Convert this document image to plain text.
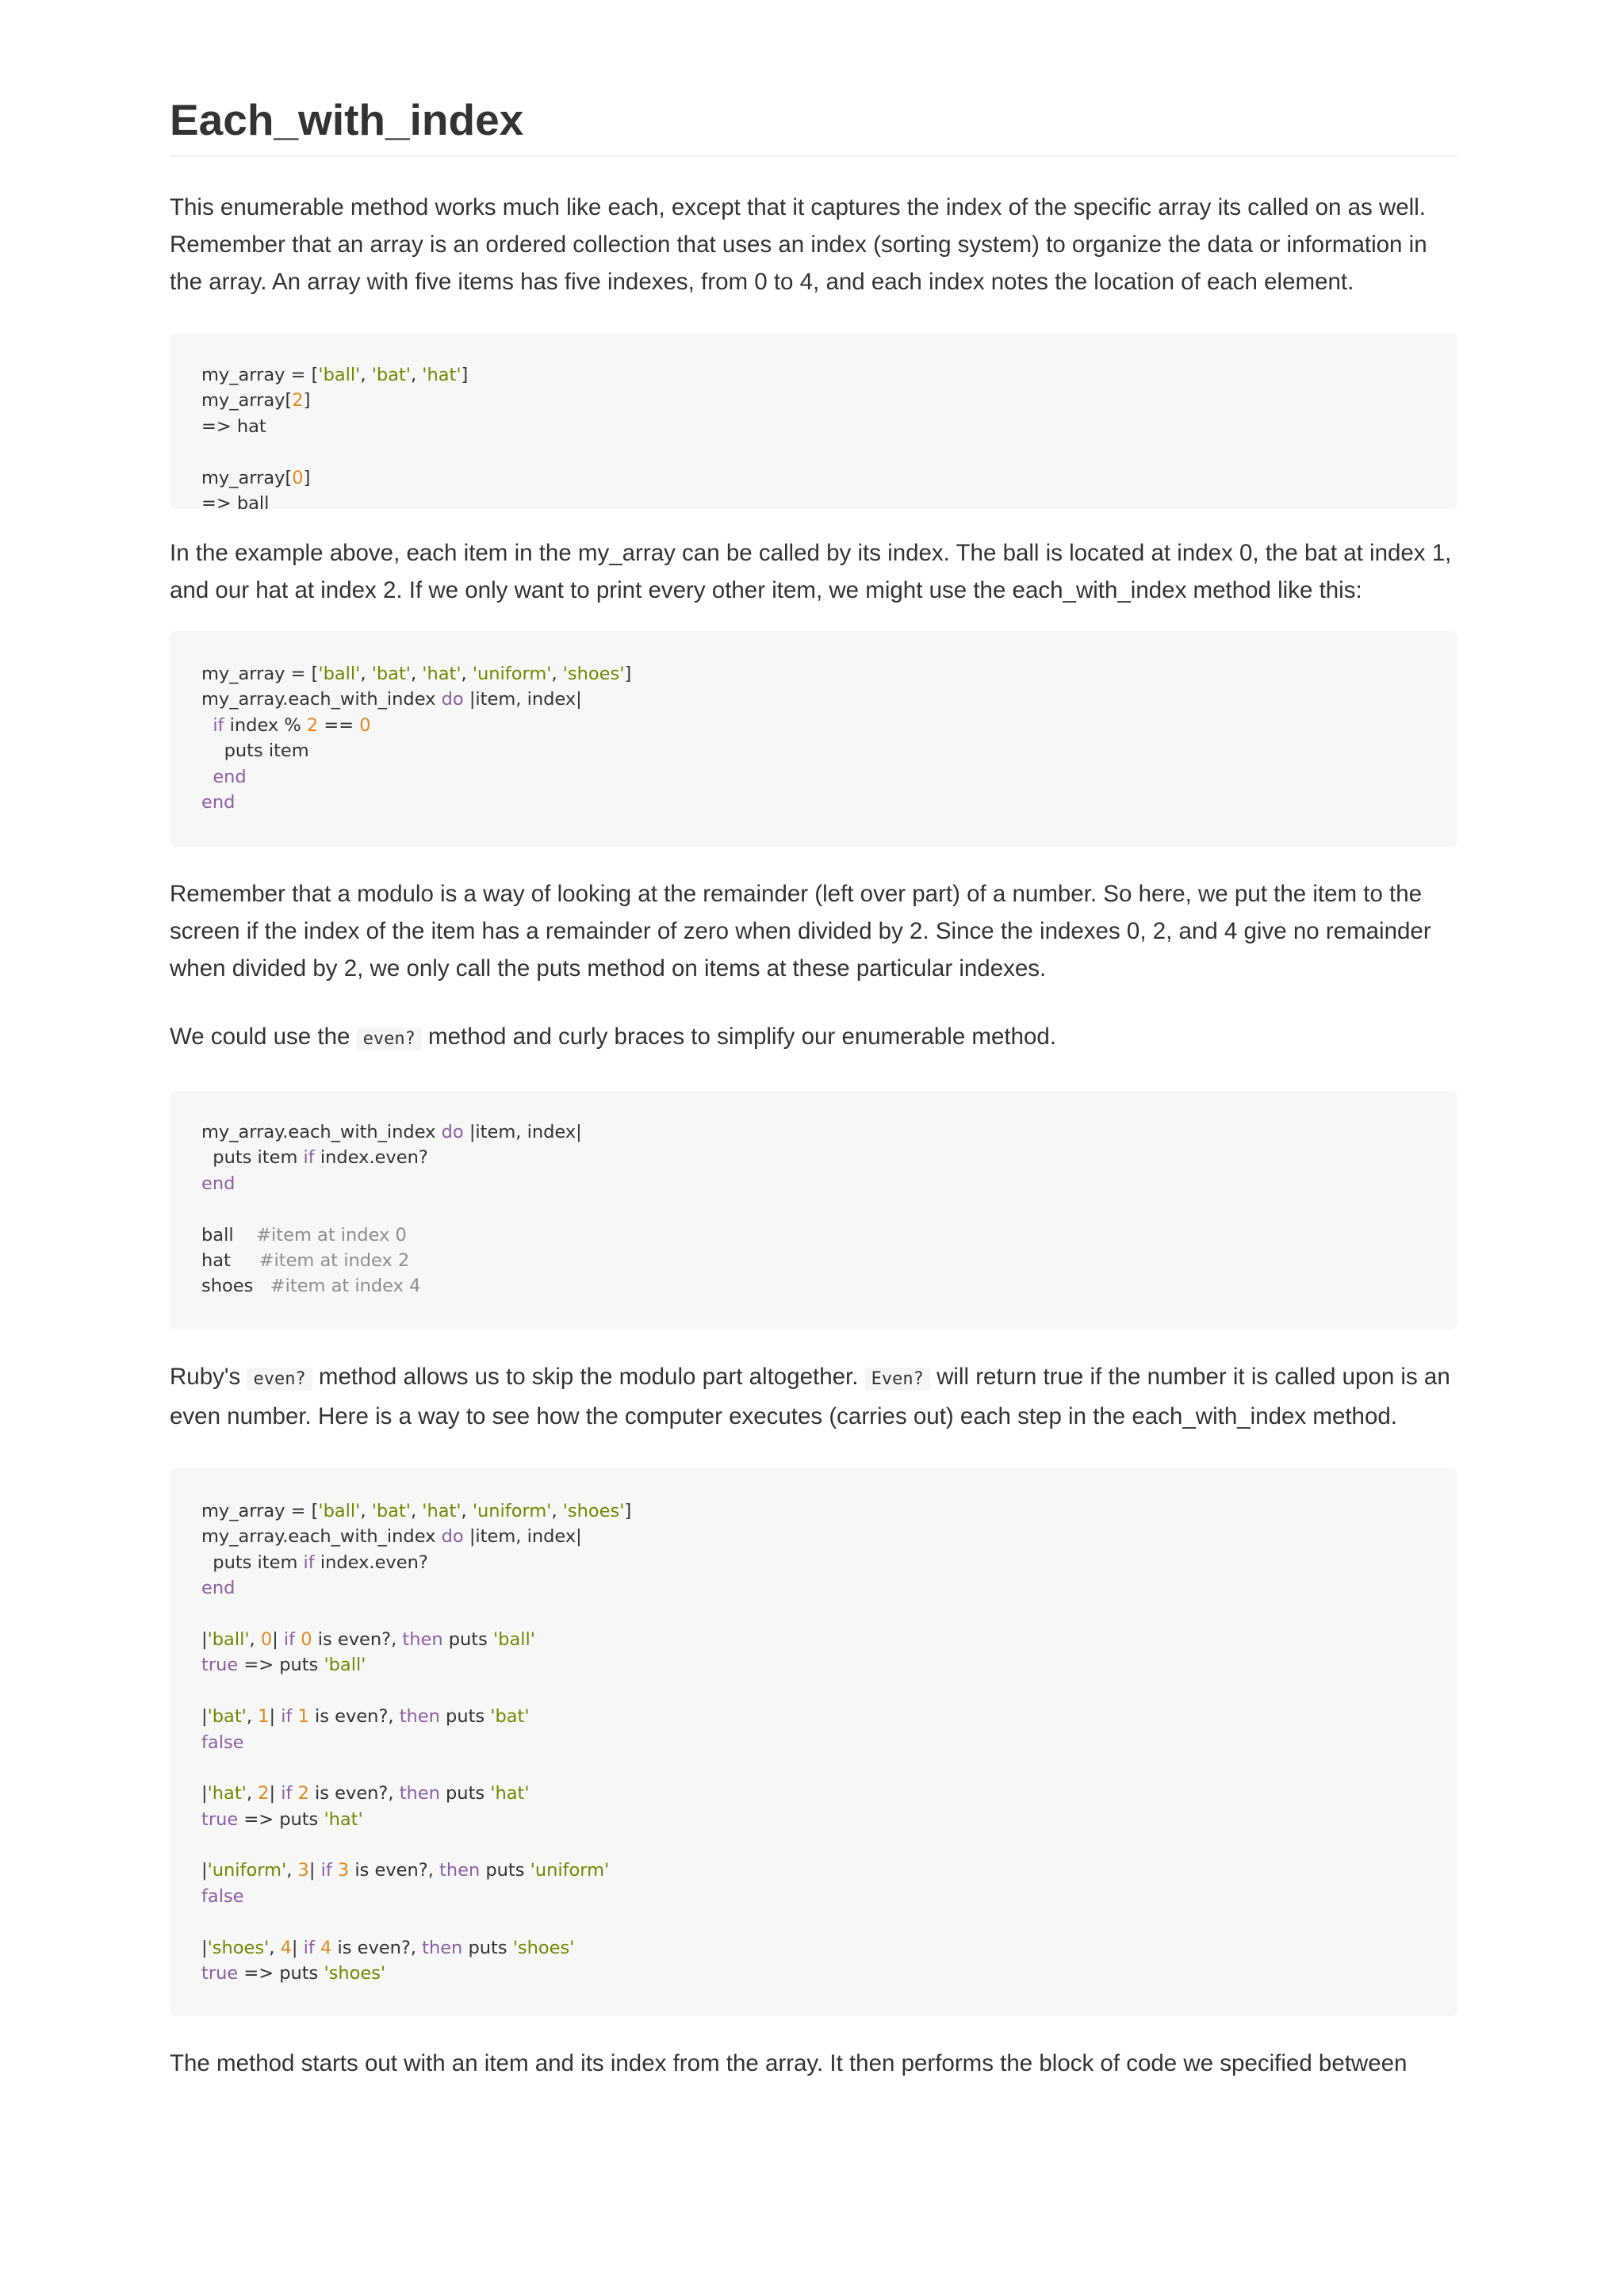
Each_with_index

This enumerable method works much like each, except that it captures the index of the specific array its called on as well. Remember that an array is an ordered collection that uses an index (sorting system) to organize the data or information in the array. An array with five items has five indexes, from 0 to 4, and each index notes the location of each element.

my_array = ['ball', 'bat', 'hat']
my_array[2]
=> hat
my_array[0]
=> ball

In the example above, each item in the my_array can be called by its index. The ball is located at index 0, the bat at index 1, and our hat at index 2. If we only want to print every other item, we might use the each_with_index method like this:

my_array = ['ball', 'bat', 'hat', 'uniform', 'shoes']
my_array.each_with_index do |item, index|
if index % 2 == 0
puts item
end
end

Remember that a modulo is a way of looking at the remainder (left over part) of a number. So here, we put the item to the screen if the index of the item has a remainder of zero when divided by 2. Since the indexes 0, 2, and 4 give no remainder when divided by 2, we only call the puts method on items at these particular indexes.

We could use the even? method and curly braces to simplify our enumerable method.

my_array.each_with_index do |item, index|
puts item if index.even?
end
ball    #item at index 0
hat     #item at index 2
shoes   #item at index 4

Ruby's even? method allows us to skip the modulo part altogether. Even? will return true if the number it is called upon is an even number. Here is a way to see how the computer executes (carries out) each step in the each_with_index method.

my_array = ['ball', 'bat', 'hat', 'uniform', 'shoes']
my_array.each_with_index do |item, index|
puts item if index.even?
end
|'ball', 0| if 0 is even?, then puts 'ball'
true => puts 'ball'
|'bat', 1| if 1 is even?, then puts 'bat'
false
|'hat', 2| if 2 is even?, then puts 'hat'
true => puts 'hat'
|'uniform', 3| if 3 is even?, then puts 'uniform'
false
|'shoes', 4| if 4 is even?, then puts 'shoes'
true => puts 'shoes'

The method starts out with an item and its index from the array. It then performs the block of code we specified between
